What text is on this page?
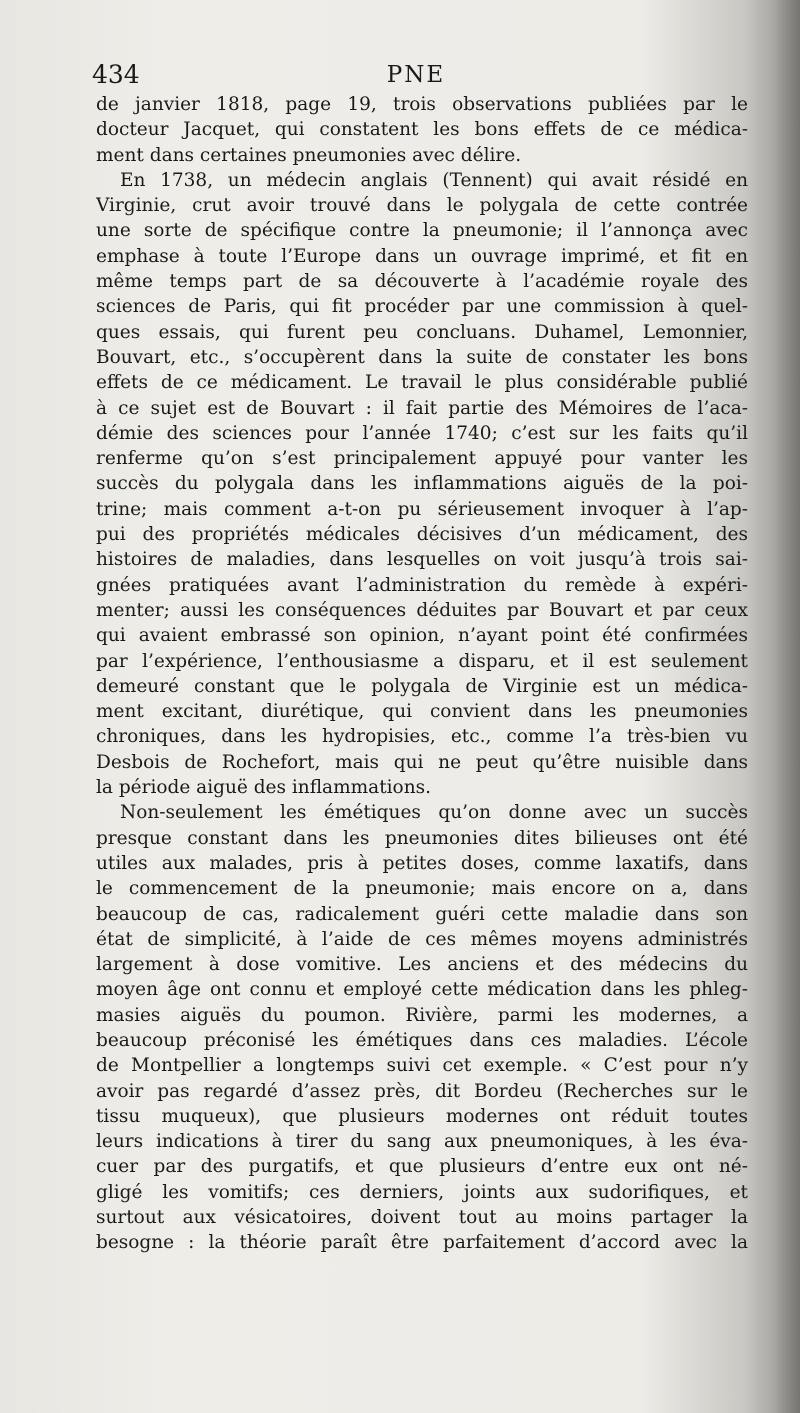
434	PNE
de janvier 1818, page 19, trois observations publiées par le
docteur Jacquet, qui constatent les bons effets de ce médica-
ment dans certaines pneumonies avec délire.
En 1738, un médecin anglais (Tennent) qui avait résidé en
Virginie, crut avoir trouvé dans le polygala de cette contrée
une sorte de spécifique contre la pneumonie; il l’annonça avec
emphase à toute l’Europe dans un ouvrage imprimé, et fit en
même temps part de sa découverte à l’académie royale des
sciences de Paris, qui fit procéder par une commission à quel-
ques essais, qui furent peu concluans. Duhamel, Lemonnier,
Bouvart, etc., s’occupèrent dans la suite de constater les bons
effets de ce médicament. Le travail le plus considérable publié
à ce sujet est de Bouvart : il fait partie des Mémoires de l’aca-
démie des sciences pour l’année 1740; c’est sur les faits qu’il
renferme qu’on s’est principalement appuyé pour vanter les
succès du polygala dans les inflammations aiguës de la poi-
trine; mais comment a-t-on pu sérieusement invoquer à l’ap-
pui des propriétés médicales décisives d’un médicament, des
histoires de maladies, dans lesquelles on voit jusqu’à trois sai-
gnées pratiquées avant l’administration du remède à expéri-
menter; aussi les conséquences déduites par Bouvart et par ceux
qui avaient embrassé son opinion, n’ayant point été confirmées
par l’expérience, l’enthousiasme a disparu, et il est seulement
demeuré constant que le polygala de Virginie est un médica-
ment excitant, diurétique, qui convient dans les pneumonies
chroniques, dans les hydropisies, etc., comme l’a très-bien vu
Desbois de Rochefort, mais qui ne peut qu’être nuisible dans
la période aiguë des inflammations.
Non-seulement les émétiques qu’on donne avec un succès
presque constant dans les pneumonies dites bilieuses ont été
utiles aux malades, pris à petites doses, comme laxatifs, dans
le commencement de la pneumonie; mais encore on a, dans
beaucoup de cas, radicalement guéri cette maladie dans son
état de simplicité, à l’aide de ces mêmes moyens administrés
largement à dose vomitive. Les anciens et des médecins du
moyen âge ont connu et employé cette médication dans les phleg-
masies aiguës du poumon. Rivière, parmi les modernes, a
beaucoup préconisé les émétiques dans ces maladies. L’école
de Montpellier a longtemps suivi cet exemple. « C’est pour n’y
avoir pas regardé d’assez près, dit Bordeu (Recherches sur le
tissu muqueux), que plusieurs modernes ont réduit toutes
leurs indications à tirer du sang aux pneumoniques, à les éva-
cuer par des purgatifs, et que plusieurs d’entre eux ont né-
gligé les vomitifs; ces derniers, joints aux sudorifiques, et
surtout aux vésicatoires, doivent tout au moins partager la
besogne : la théorie paraît être parfaitement d’accord avec la
